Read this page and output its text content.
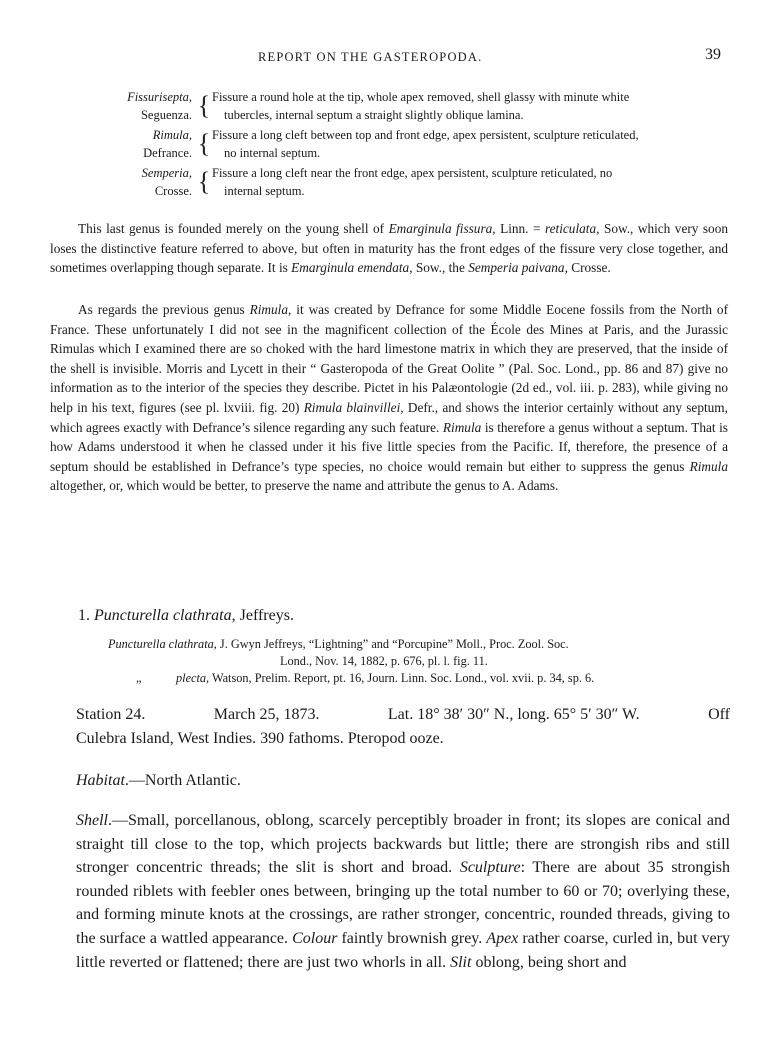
REPORT ON THE GASTEROPODA.	39
Fissurisepta,
Seguenza. { Fissure a round hole at the tip, whole apex removed, shell glassy with minute white
tubercles, internal septum a straight slightly oblique lamina.
Rimula,
Defrance. { Fissure a long cleft between top and front edge, apex persistent, sculpture reticulated,
no internal septum.
Semperia,
Crosse. { Fissure a long cleft near the front edge, apex persistent, sculpture reticulated, no
internal septum.

This last genus is founded merely on the young shell of Emarginula fissura, Linn. = reticulata, Sow., which very soon loses the distinctive feature referred to above, but often in maturity has the front edges of the fissure very close together, and sometimes overlapping though separate. It is Emarginula emendata, Sow., the Semperia paivana, Crosse.

As regards the previous genus Rimula, it was created by Defrance for some Middle Eocene fossils from the North of France. These unfortunately I did not see in the magnificent collection of the École des Mines at Paris, and the Jurassic Rimulas which I examined there are so choked with the hard limestone matrix in which they are preserved, that the inside of the shell is invisible. Morris and Lycett in their “ Gasteropoda of the Great Oolite ” (Pal. Soc. Lond., pp. 86 and 87) give no information as to the interior of the species they describe. Pictet in his Palæontologie (2d ed., vol. iii. p. 283), while giving no help in his text, figures (see pl. lxviii. fig. 20) Rimula blainvillei, Defr., and shows the interior certainly without any septum, which agrees exactly with Defrance’s silence regarding any such feature. Rimula is therefore a genus without a septum. That is how Adams understood it when he classed under it his five little species from the Pacific. If, therefore, the presence of a septum should be established in Defrance’s type species, no choice would remain but either to suppress the genus Rimula altogether, or, which would be better, to preserve the name and attribute the genus to A. Adams.

1. Puncturella clathrata, Jeffreys.
Puncturella clathrata, J. Gwyn Jeffreys, “Lightning” and “Porcupine” Moll., Proc. Zool. Soc.
Lond., Nov. 14, 1882, p. 676, pl. l. fig. 11.
„	plecta, Watson, Prelim. Report, pt. 16, Journ. Linn. Soc. Lond., vol. xvii. p. 34, sp. 6.
Station 24.	March 25, 1873.	Lat. 18° 38′ 30″ N., long. 65° 5′ 30″ W.	Off
Culebra Island, West Indies. 390 fathoms. Pteropod ooze.
Habitat.—North Atlantic.

Shell.—Small, porcellanous, oblong, scarcely perceptibly broader in front; its slopes are conical and straight till close to the top, which projects backwards but little; there are strongish ribs and still stronger concentric threads; the slit is short and broad. Sculpture: There are about 35 strongish rounded riblets with feebler ones between, bringing up the total number to 60 or 70; overlying these, and forming minute knots at the crossings, are rather stronger, concentric, rounded threads, giving to the surface a wattled appearance. Colour faintly brownish grey. Apex rather coarse, curled in, but very little reverted or flattened; there are just two whorls in all. Slit oblong, being short and
